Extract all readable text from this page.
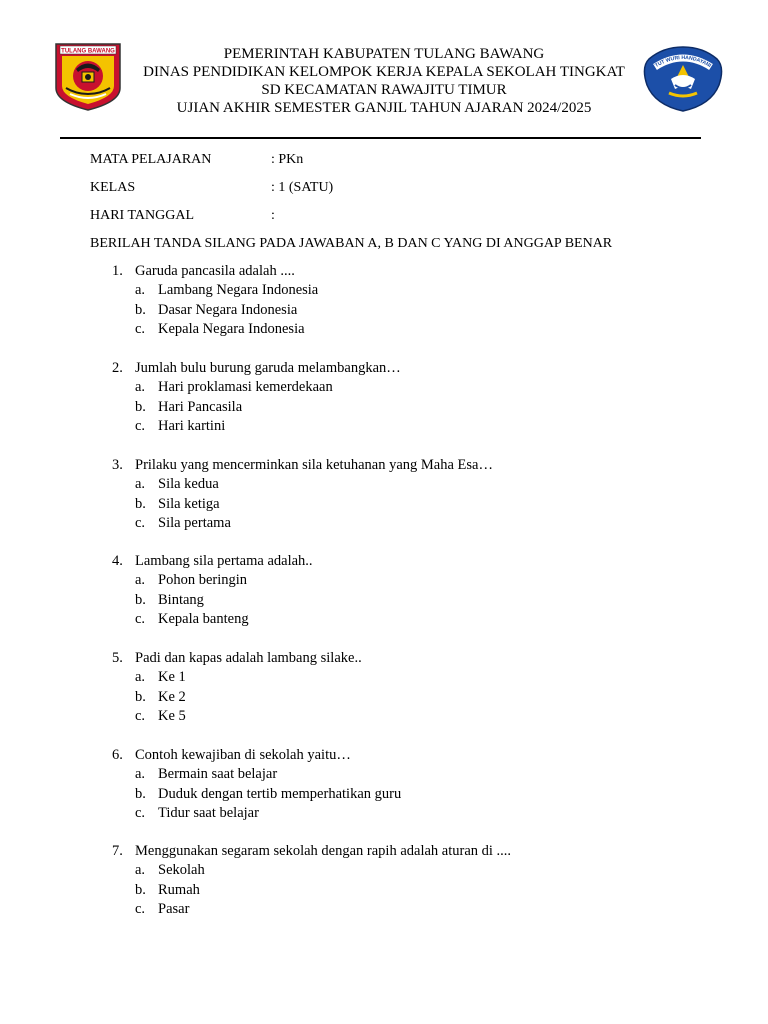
TULANG BAWANG	PEMERINTAH KABUPATEN TULANG BAWANG
DINAS PENDIDIKAN KELOMPOK KERJA KEPALA SEKOLAH TINGKAT
SD KECAMATAN RAWAJITU TIMUR
UJIAN AKHIR SEMESTER GANJIL TAHUN AJARAN 2024/2025
TUT WURI HANDAYANI
MATA PELAJARAN	: PKn
KELAS	: 1 (SATU)
HARI TANGGAL	:
BERILAH TANDA SILANG PADA JAWABAN A, B DAN C YANG DI ANGGAP BENAR
1. Garuda pancasila adalah ....
a. Lambang Negara Indonesia
b. Dasar Negara Indonesia
c. Kepala Negara Indonesia
2. Jumlah bulu burung garuda melambangkan…
a. Hari proklamasi kemerdekaan
b. Hari Pancasila
c. Hari kartini
3. Prilaku yang mencerminkan sila ketuhanan yang Maha Esa…
a. Sila kedua
b. Sila ketiga
c. Sila pertama
4. Lambang sila pertama adalah..
a. Pohon beringin
b. Bintang
c. Kepala banteng
5. Padi dan kapas adalah lambang silake..
a. Ke 1
b. Ke 2
c. Ke 5
6. Contoh kewajiban di sekolah yaitu…
a. Bermain saat belajar
b. Duduk dengan tertib memperhatikan guru
c. Tidur saat belajar
7. Menggunakan segaram sekolah dengan rapih adalah aturan di ....
a. Sekolah
b. Rumah
c. Pasar
